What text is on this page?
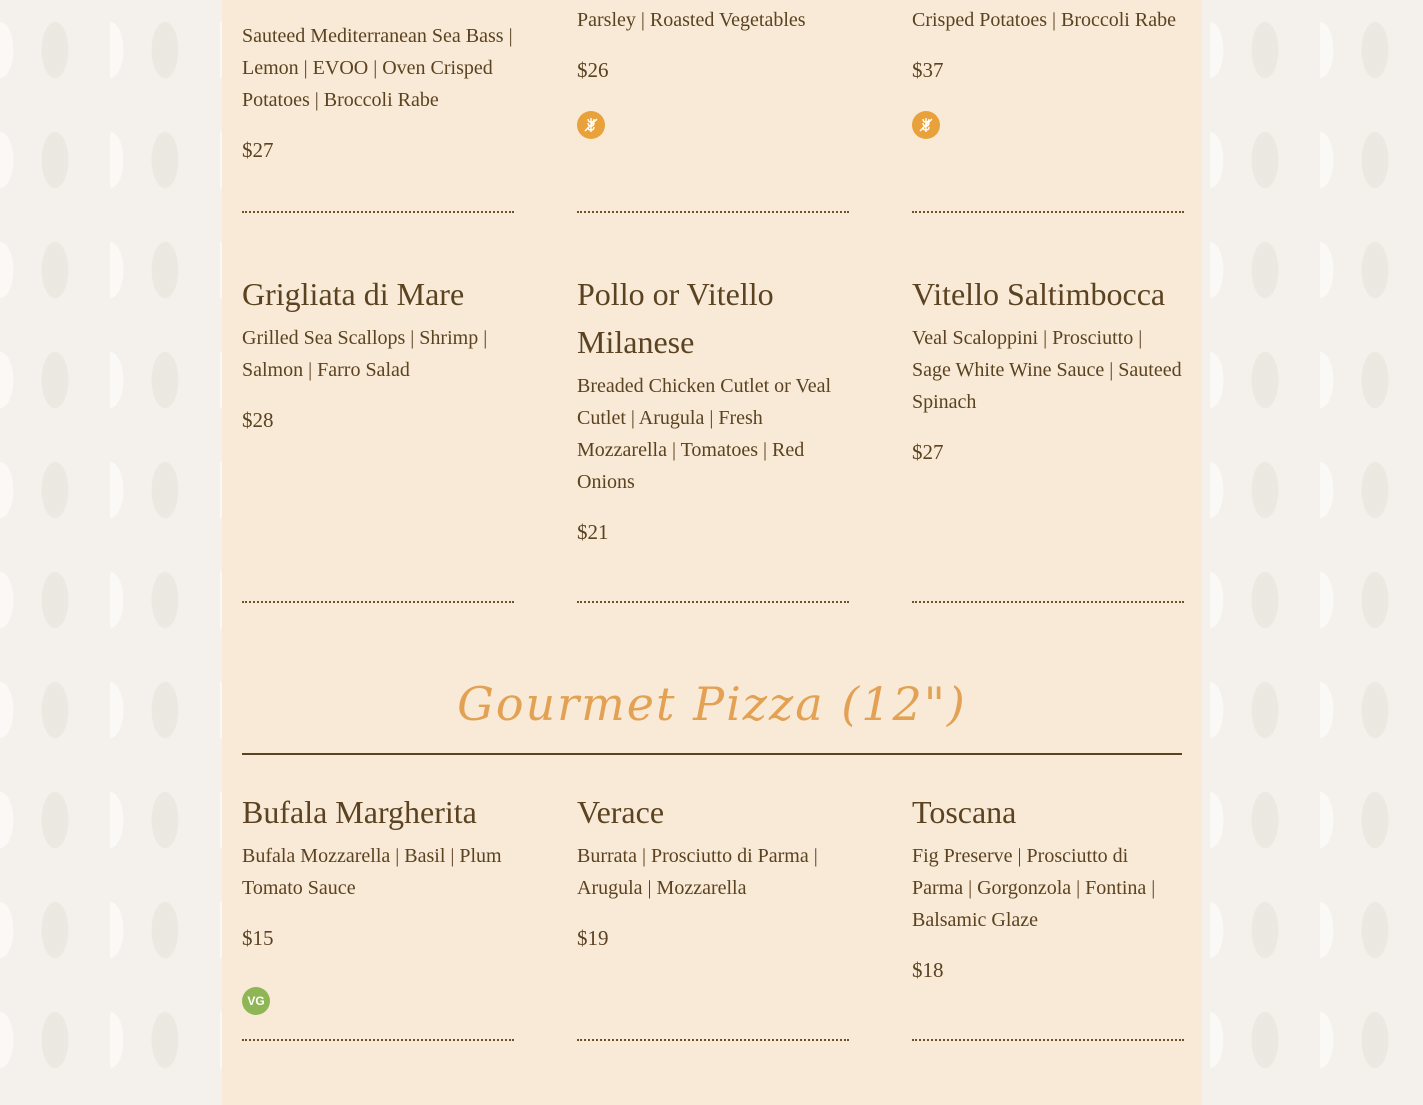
Sauteed Mediterranean Sea Bass | Lemon | EVOO | Oven Crisped Potatoes | Broccoli Rabe

$27

Parsley | Roasted Vegetables

$26

Crisped Potatoes | Broccoli Rabe

$37

Grigliata di Mare

Grilled Sea Scallops | Shrimp | Salmon | Farro Salad

$28

Pollo or Vitello Milanese

Breaded Chicken Cutlet or Veal Cutlet | Arugula | Fresh Mozzarella | Tomatoes | Red Onions

$21

Vitello Saltimbocca

Veal Scaloppini | Prosciutto | Sage White Wine Sauce | Sauteed Spinach

$27

Gourmet Pizza (12")

Bufala Margherita

Bufala Mozzarella | Basil | Plum Tomato Sauce

$15

VG

Verace

Burrata | Prosciutto di Parma | Arugula | Mozzarella

$19

Toscana

Fig Preserve | Prosciutto di Parma | Gorgonzola | Fontina | Balsamic Glaze

$18
